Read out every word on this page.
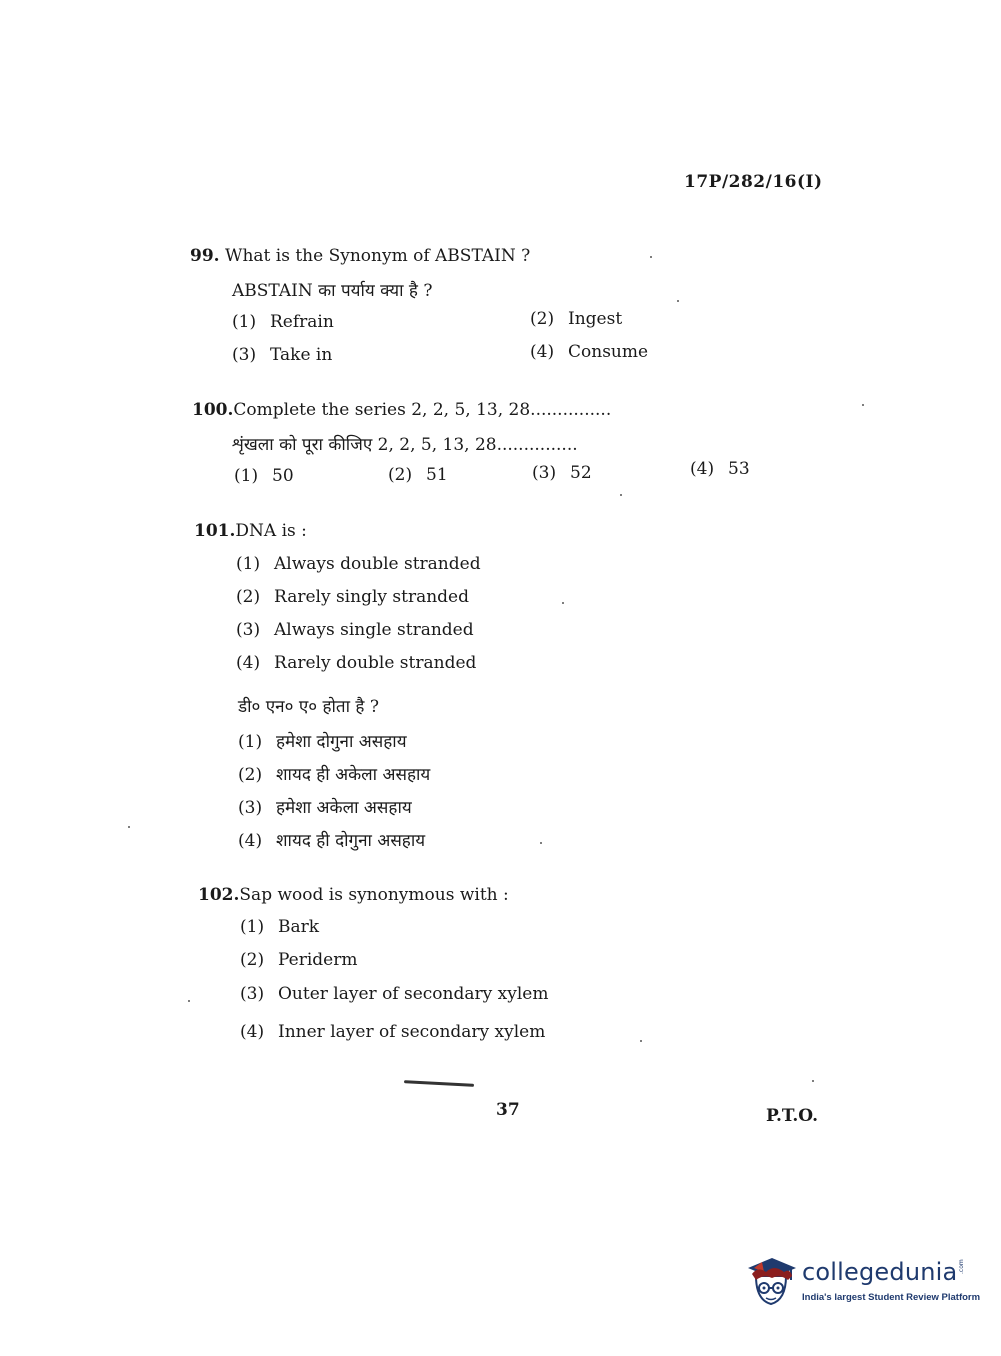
17P/282/16(I)
99. What is the Synonym of ABSTAIN ?
ABSTAIN का पर्याय क्या है ?
(1) Refrain	(2) Ingest
(3) Take in	(4) Consume
100.Complete the series 2, 2, 5, 13, 28...............
शृंखला को पूरा कीजिए 2, 2, 5, 13, 28...............
(1) 50	(2) 51	(3) 52	(4) 53
101.DNA is :
(1) Always double stranded
(2) Rarely singly stranded
(3) Always single stranded
(4) Rarely double stranded
डी० एन० ए० होता है ?
(1) हमेशा दोगुना असहाय
(2) शायद ही अकेला असहाय
(3) हमेशा अकेला असहाय
(4) शायद ही दोगुना असहाय
102.Sap wood is synonymous with :
(1) Bark
(2) Periderm
(3) Outer layer of secondary xylem
(4) Inner layer of secondary xylem
37	P.T.O.
collegedunia .com
India's largest Student Review Platform
